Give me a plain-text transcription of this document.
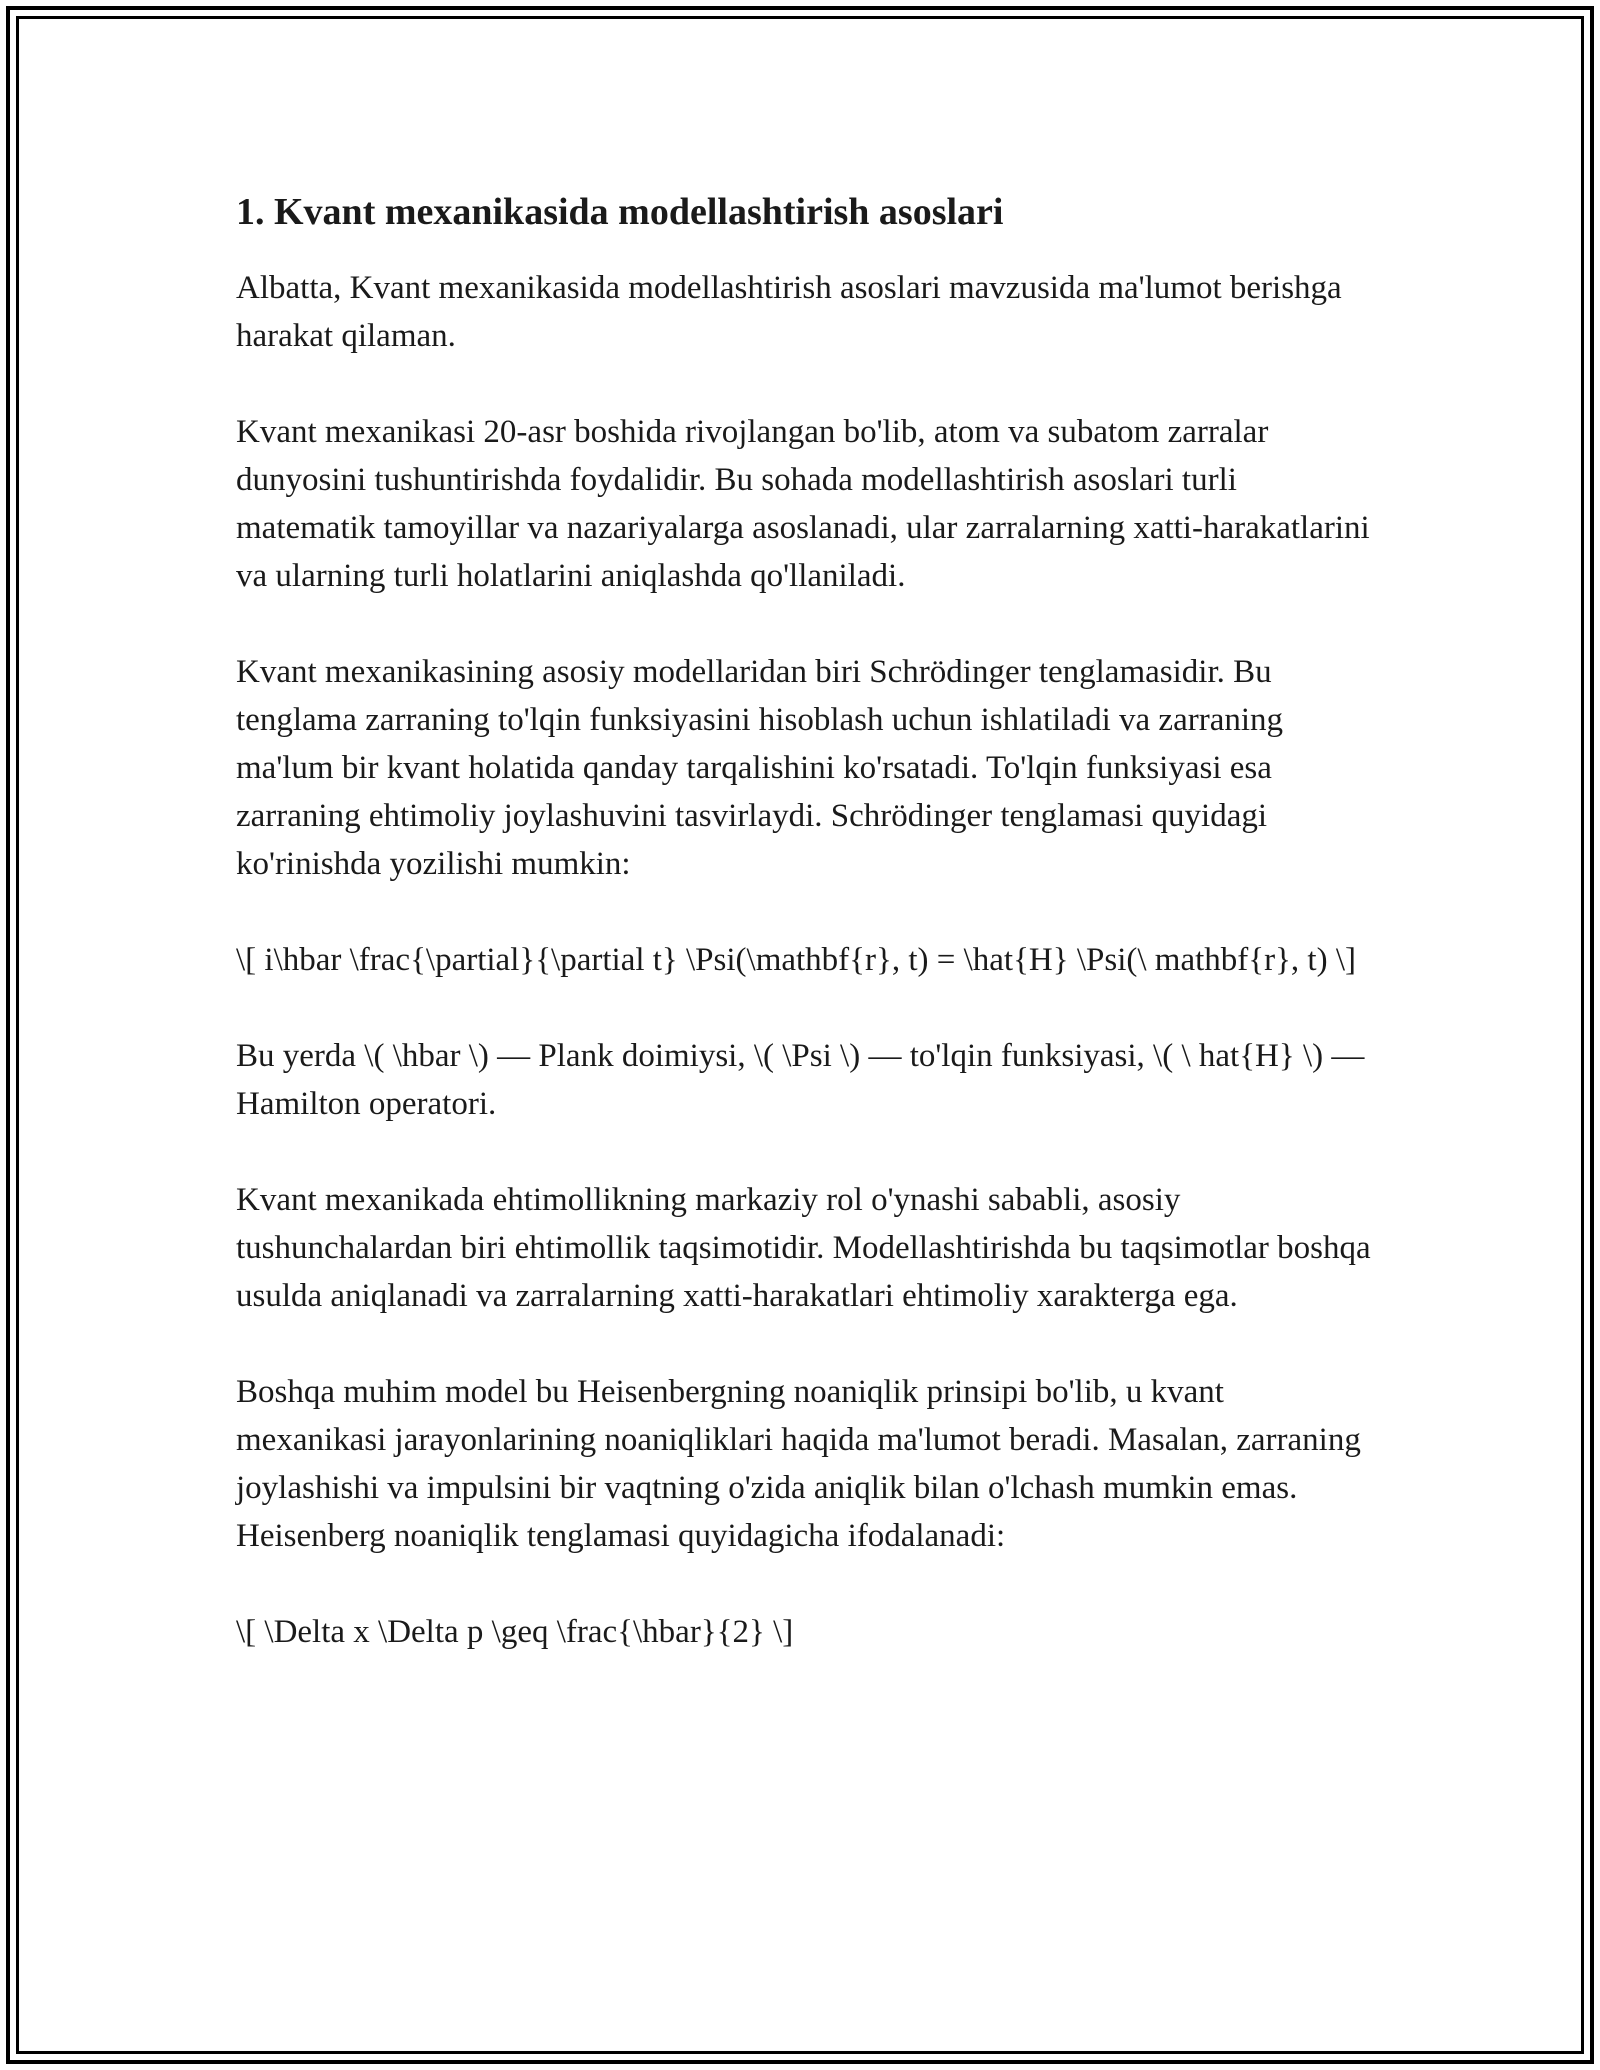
1. Kvant mexanikasida modellashtirish asoslari

Albatta, Kvant mexanikasida modellashtirish asoslari mavzusida ma'lumot berishga harakat qilaman.

Kvant mexanikasi 20-asr boshida rivojlangan bo'lib, atom va subatom zarralar dunyosini tushuntirishda foydalidir. Bu sohada modellashtirish asoslari turli matematik tamoyillar va nazariyalarga asoslanadi, ular zarralarning xatti-harakatlarini va ularning turli holatlarini aniqlashda qo'llaniladi.

Kvant mexanikasining asosiy modellaridan biri Schrödinger tenglamasidir. Bu tenglama zarraning to'lqin funksiyasini hisoblash uchun ishlatiladi va zarraning ma'lum bir kvant holatida qanday tarqalishini ko'rsatadi. To'lqin funksiyasi esa zarraning ehtimoliy joylashuvini tasvirlaydi. Schrödinger tenglamasi quyidagi ko'rinishda yozilishi mumkin:

\[ i\hbar \frac{\partial}{\partial t} \Psi(\mathbf{r}, t) = \hat{H} \Psi(\ mathbf{r}, t) \]

Bu yerda \( \hbar \) — Plank doimiysi, \( \Psi \) — to'lqin funksiyasi, \( \ hat{H} \) — Hamilton operatori.

Kvant mexanikada ehtimollikning markaziy rol o'ynashi sababli, asosiy tushunchalardan biri ehtimollik taqsimotidir. Modellashtirishda bu taqsimotlar boshqa usulda aniqlanadi va zarralarning xatti-harakatlari ehtimoliy xarakterga ega.

Boshqa muhim model bu Heisenbergning noaniqlik prinsipi bo'lib, u kvant mexanikasi jarayonlarining noaniqliklari haqida ma'lumot beradi. Masalan, zarraning joylashishi va impulsini bir vaqtning o'zida aniqlik bilan o'lchash mumkin emas. Heisenberg noaniqlik tenglamasi quyidagicha ifodalanadi:

\[ \Delta x \Delta p \geq \frac{\hbar}{2} \]
